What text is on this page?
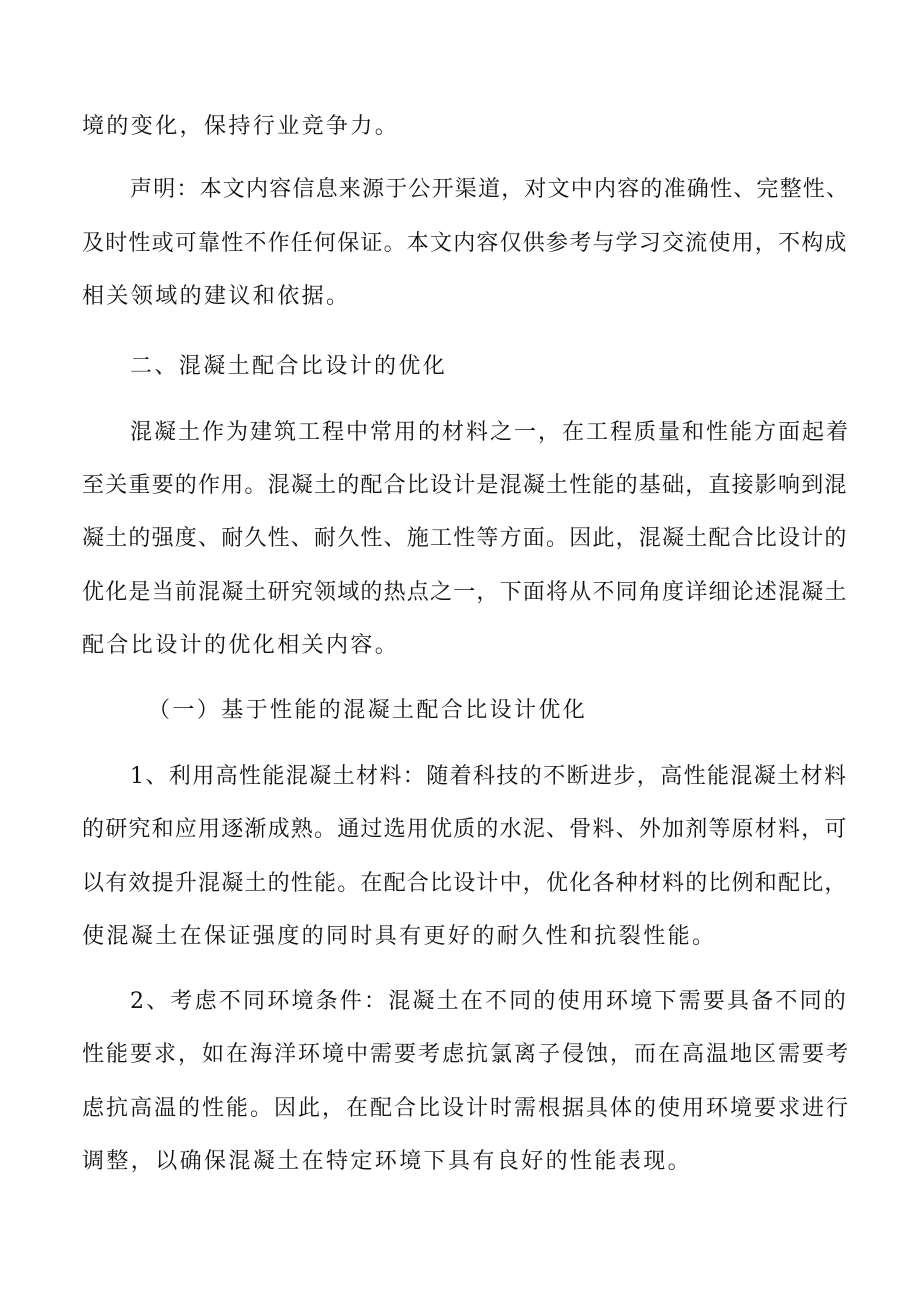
境的变化，保持行业竞争力。
声明：本文内容信息来源于公开渠道，对文中内容的准确性、完整性、
及时性或可靠性不作任何保证。本文内容仅供参考与学习交流使用，不构成
相关领域的建议和依据。
二、混凝土配合比设计的优化
混凝土作为建筑工程中常用的材料之一，在工程质量和性能方面起着
至关重要的作用。混凝土的配合比设计是混凝土性能的基础，直接影响到混
凝土的强度、耐久性、耐久性、施工性等方面。因此，混凝土配合比设计的
优化是当前混凝土研究领域的热点之一，下面将从不同角度详细论述混凝土
配合比设计的优化相关内容。
（一）基于性能的混凝土配合比设计优化
1、利用高性能混凝土材料：随着科技的不断进步，高性能混凝土材料
的研究和应用逐渐成熟。通过选用优质的水泥、骨料、外加剂等原材料，可
以有效提升混凝土的性能。在配合比设计中，优化各种材料的比例和配比，
使混凝土在保证强度的同时具有更好的耐久性和抗裂性能。
2、考虑不同环境条件：混凝土在不同的使用环境下需要具备不同的
性能要求，如在海洋环境中需要考虑抗氯离子侵蚀，而在高温地区需要考
虑抗高温的性能。因此，在配合比设计时需根据具体的使用环境要求进行
调整，以确保混凝土在特定环境下具有良好的性能表现。
